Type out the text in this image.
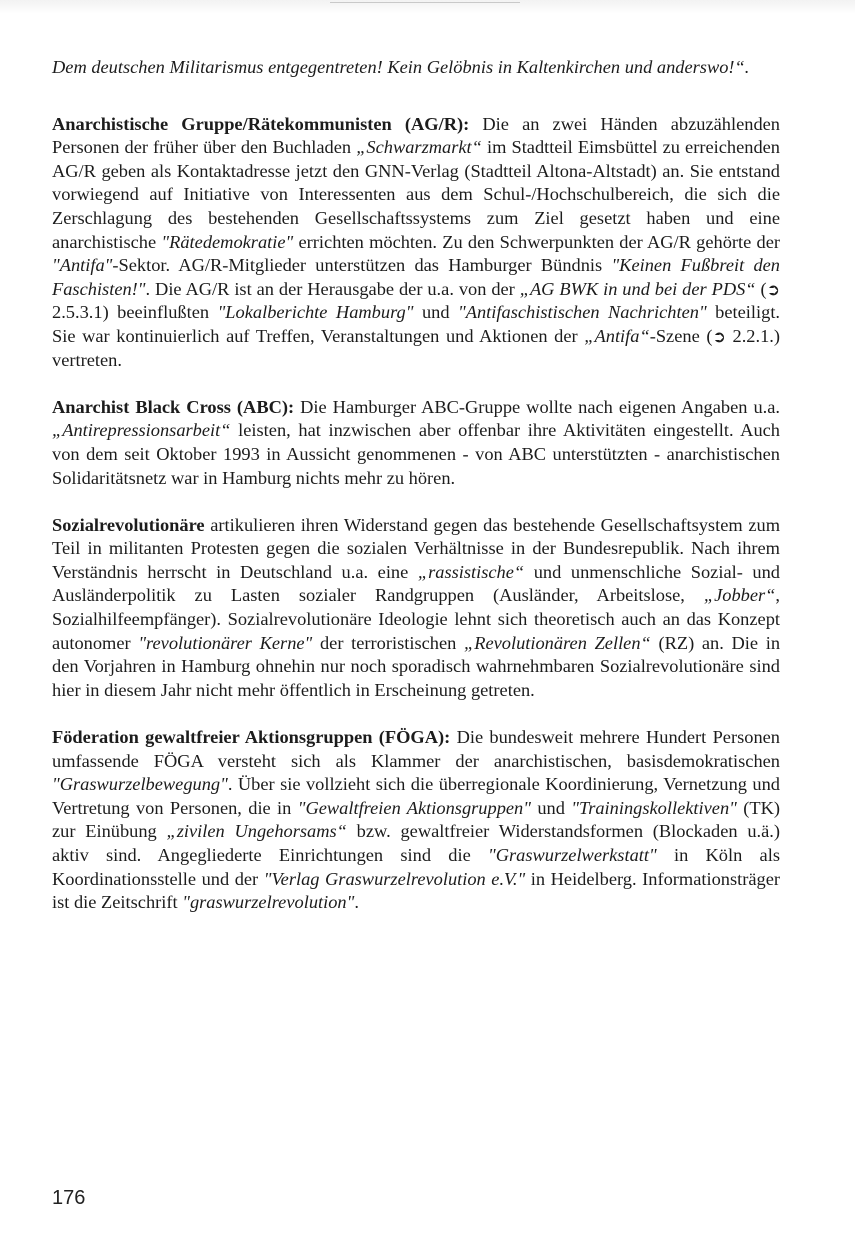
Dem deutschen Militarismus entgegentreten! Kein Gelöbnis in Kaltenkirchen und anderswo!“.

Anarchistische Gruppe/Rätekommunisten (AG/R): Die an zwei Händen abzuzählenden Personen der früher über den Buchladen „Schwarzmarkt“ im Stadtteil Eimsbüttel zu erreichenden AG/R geben als Kontaktadresse jetzt den GNN-Verlag (Stadtteil Altona-Altstadt) an. Sie entstand vorwiegend auf Initiative von Interessenten aus dem Schul-/Hochschulbereich, die sich die Zerschlagung des bestehenden Gesellschaftssystems zum Ziel gesetzt haben und eine anarchistische "Rätedemokratie" errichten möchten. Zu den Schwerpunkten der AG/R gehörte der "Antifa"-Sektor. AG/R-Mitglieder unterstützen das Hamburger Bündnis "Keinen Fußbreit den Faschisten!". Die AG/R ist an der Herausgabe der u.a. von der „AG BWK in und bei der PDS“ (➲ 2.5.3.1) beeinflußten "Lokalberichte Hamburg" und "Antifaschistischen Nachrichten" beteiligt. Sie war kontinuierlich auf Treffen, Veranstaltungen und Aktionen der „Antifa“-Szene (➲ 2.2.1.) vertreten.

Anarchist Black Cross (ABC): Die Hamburger ABC-Gruppe wollte nach eigenen Angaben u.a. „Antirepressionsarbeit“ leisten, hat inzwischen aber offenbar ihre Aktivitäten eingestellt. Auch von dem seit Oktober 1993 in Aussicht genommenen - von ABC unterstützten - anarchistischen Solidaritätsnetz war in Hamburg nichts mehr zu hören.

Sozialrevolutionäre artikulieren ihren Widerstand gegen das bestehende Gesellschaftsystem zum Teil in militanten Protesten gegen die sozialen Verhältnisse in der Bundesrepublik. Nach ihrem Verständnis herrscht in Deutschland u.a. eine „rassistische“ und unmenschliche Sozial- und Ausländerpolitik zu Lasten sozialer Randgruppen (Ausländer, Arbeitslose, „Jobber“, Sozialhilfeempfänger). Sozialrevolutionäre Ideologie lehnt sich theoretisch auch an das Konzept autonomer "revolutionärer Kerne" der terroristischen „Revolutionären Zellen“ (RZ) an. Die in den Vorjahren in Hamburg ohnehin nur noch sporadisch wahrnehmbaren Sozialrevolutionäre sind hier in diesem Jahr nicht mehr öffentlich in Erscheinung getreten.

Föderation gewaltfreier Aktionsgruppen (FÖGA): Die bundesweit mehrere Hundert Personen umfassende FÖGA versteht sich als Klammer der anarchistischen, basisdemokratischen "Graswurzelbewegung". Über sie vollzieht sich die überregionale Koordinierung, Vernetzung und Vertretung von Personen, die in "Gewaltfreien Aktionsgruppen" und "Trainingskollektiven" (TK) zur Einübung „zivilen Ungehorsams“ bzw. gewaltfreier Widerstandsformen (Blockaden u.ä.) aktiv sind. Angegliederte Einrichtungen sind die "Graswurzelwerkstatt" in Köln als Koordinationsstelle und der "Verlag Graswurzelrevolution e.V." in Heidelberg. Informationsträger ist die Zeitschrift "graswurzelrevolution".

176
